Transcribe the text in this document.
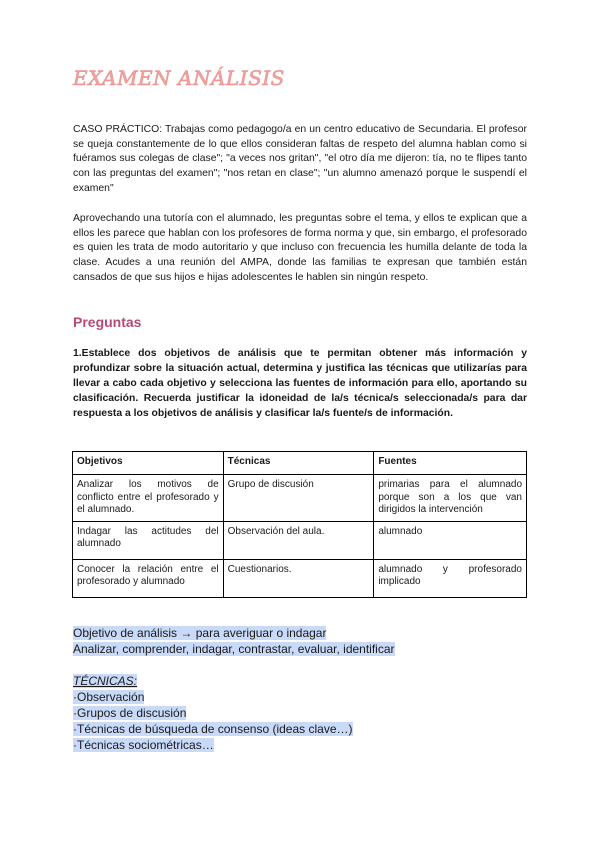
EXAMEN ANÁLISIS

CASO PRÁCTICO: Trabajas como pedagogo/a en un centro educativo de Secundaria. El profesor se queja constantemente de lo que ellos consideran faltas de respeto del alumna hablan como si fuéramos sus colegas de clase"; "a veces nos gritan", "el otro día me dijeron: tía, no te flipes tanto con las preguntas del examen"; "nos retan en clase"; "un alumno amenazó porque le suspendí el examen"

Aprovechando una tutoría con el alumnado, les preguntas sobre el tema, y ellos te explican que a ellos les parece que hablan con los profesores de forma norma y que, sin embargo, el profesorado es quien les trata de modo autoritario y que incluso con frecuencia les humilla delante de toda la clase. Acudes a una reunión del AMPA, donde las familias te expresan que también están cansados de que sus hijos e hijas adolescentes le hablen sin ningún respeto.

Preguntas

1.Establece dos objetivos de análisis que te permitan obtener más información y profundizar sobre la situación actual, determina y justifica las técnicas que utilizarías para llevar a cabo cada objetivo y selecciona las fuentes de información para ello, aportando su clasificación. Recuerda justificar la idoneidad de la/s técnica/s seleccionada/s para dar respuesta a los objetivos de análisis y clasificar la/s fuente/s de información.

Objetivos	Técnicas	Fuentes
Analizar los motivos de conflicto entre el profesorado y el alumnado.	Grupo de discusión	primarias para el alumnado porque son a los que van dirigidos la intervención
Indagar las actitudes del alumnado	Observación del aula.	alumnado
Conocer la relación entre el profesorado y alumnado	Cuestionarios.	alumnado y profesorado implicado
Objetivo de análisis → para averiguar o indagar
Analizar, comprender, indagar, contrastar, evaluar, identificar
TÉCNICAS:
·Observación
·Grupos de discusión
·Técnicas de búsqueda de consenso (ideas clave…)
·Técnicas sociométricas…
